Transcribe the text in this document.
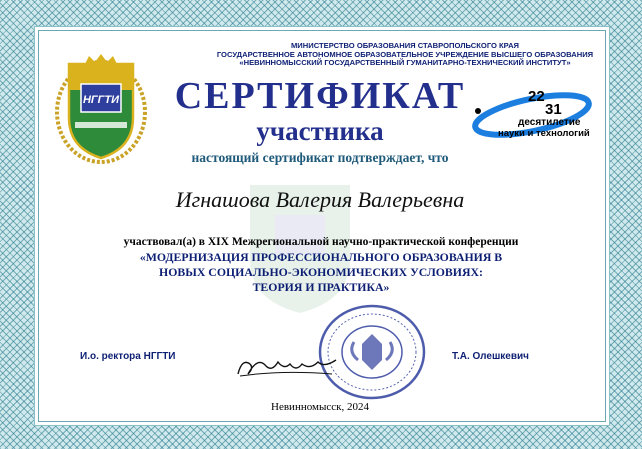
МИНИСТЕРСТВО ОБРАЗОВАНИЯ СТАВРОПОЛЬСКОГО КРАЯ
ГОСУДАРСТВЕННОЕ АВТОНОМНОЕ ОБРАЗОВАТЕЛЬНОЕ УЧРЕЖДЕНИЕ ВЫСШЕГО ОБРАЗОВАНИЯ
«НЕВИННОМЫССКИЙ ГОСУДАРСТВЕННЫЙ ГУМАНИТАРНО-ТЕХНИЧЕСКИЙ ИНСТИТУТ»
НГГТИ	СЕРТИФИКАТ
участника
22
31
десятилетие
науки и технологий
настоящий сертификат подтверждает, что
Игнашова Валерия Валерьевна
участвовал(а) в XIX Межрегиональной научно-практической конференции
«МОДЕРНИЗАЦИЯ ПРОФЕССИОНАЛЬНОГО ОБРАЗОВАНИЯ В
НОВЫХ СОЦИАЛЬНО-ЭКОНОМИЧЕСКИХ УСЛОВИЯХ:
ТЕОРИЯ И ПРАКТИКА»
И.о. ректора НГГТИ	Т.А. Олешкевич
Невинномысск, 2024
